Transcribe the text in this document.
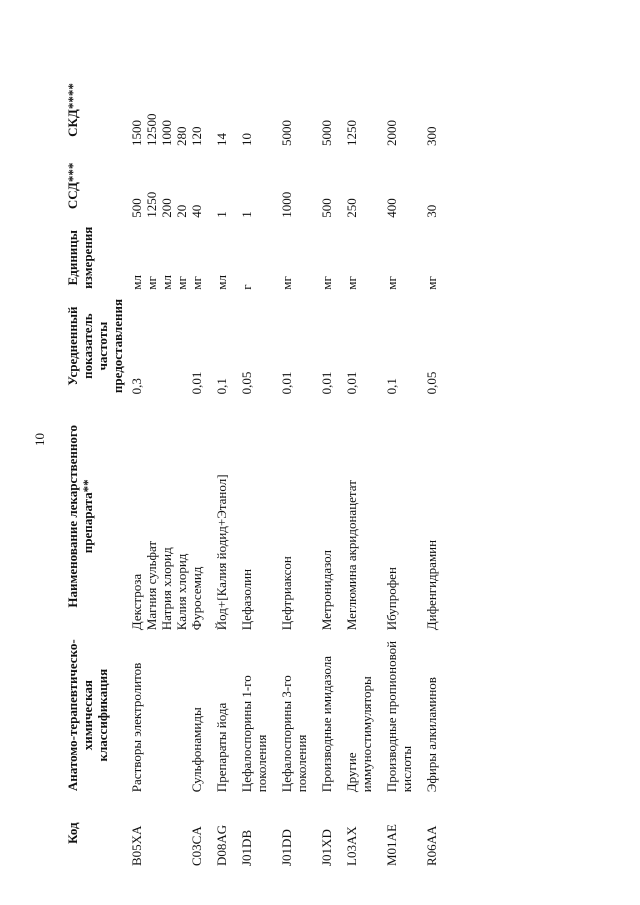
10
Код	Анатомо-терапевтическо-химическая классификация	Наименование лекарственного препарата**	Усредненный показатель частоты предоставления	Единицы измерения	ССД***	СКД****
B05XA	Растворы электролитов	Декстроза	0,3	мл	500	1500
		Магния сульфат		мг	1250	12500
		Натрия хлорид		мл	200	1000
		Калия хлорид		мг	20	280
C03CA	Сульфонамиды	Фуросемид	0,01	мг	40	120
D08AG	Препараты йода	Йод+[Калия йодид+Этанол]	0,1	мл	1	14
J01DB	Цефалоспорины 1-го поколения	Цефазолин	0,05	г	1	10
J01DD	Цефалоспорины 3-го поколения	Цефтриаксон	0,01	мг	1000	5000
J01XD	Производные имидазола	Метронидазол	0,01	мг	500	5000
L03AX	Другие иммуностимуляторы	Меглюмина акридонацетат	0,01	мг	250	1250
M01AE	Производные пропионовой кислоты	Ибупрофен	0,1	мг	400	2000
R06AA	Эфиры алкиламинов	Дифенгидрамин	0,05	мг	30	300
